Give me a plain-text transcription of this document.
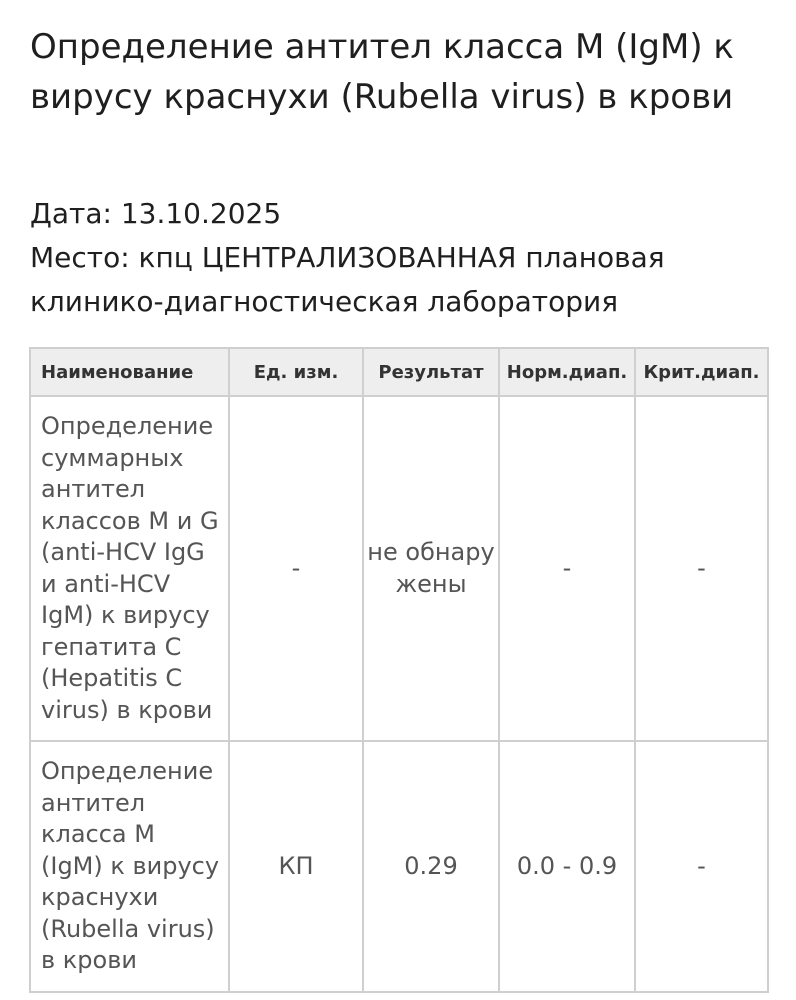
Определение антител класса M (IgM) к вирусу краснухи (Rubella virus) в крови
Дата: 13.10.2025
Место: кпц ЦЕНТРАЛИЗОВАННАЯ плановая клинико-диагностическая лаборатория
Наименование	Ед. изм.	Результат	Норм.диап.	Крит.диап.
Определение суммарных антител классов M и G (anti-HCV IgG и anti-HCV IgM) к вирусу гепатита C (Hepatitis C virus) в крови	-	не обнаружены	-	-
Определение антител класса M (IgM) к вирусу краснухи (Rubella virus) в крови	КП	0.29	0.0 - 0.9	-
